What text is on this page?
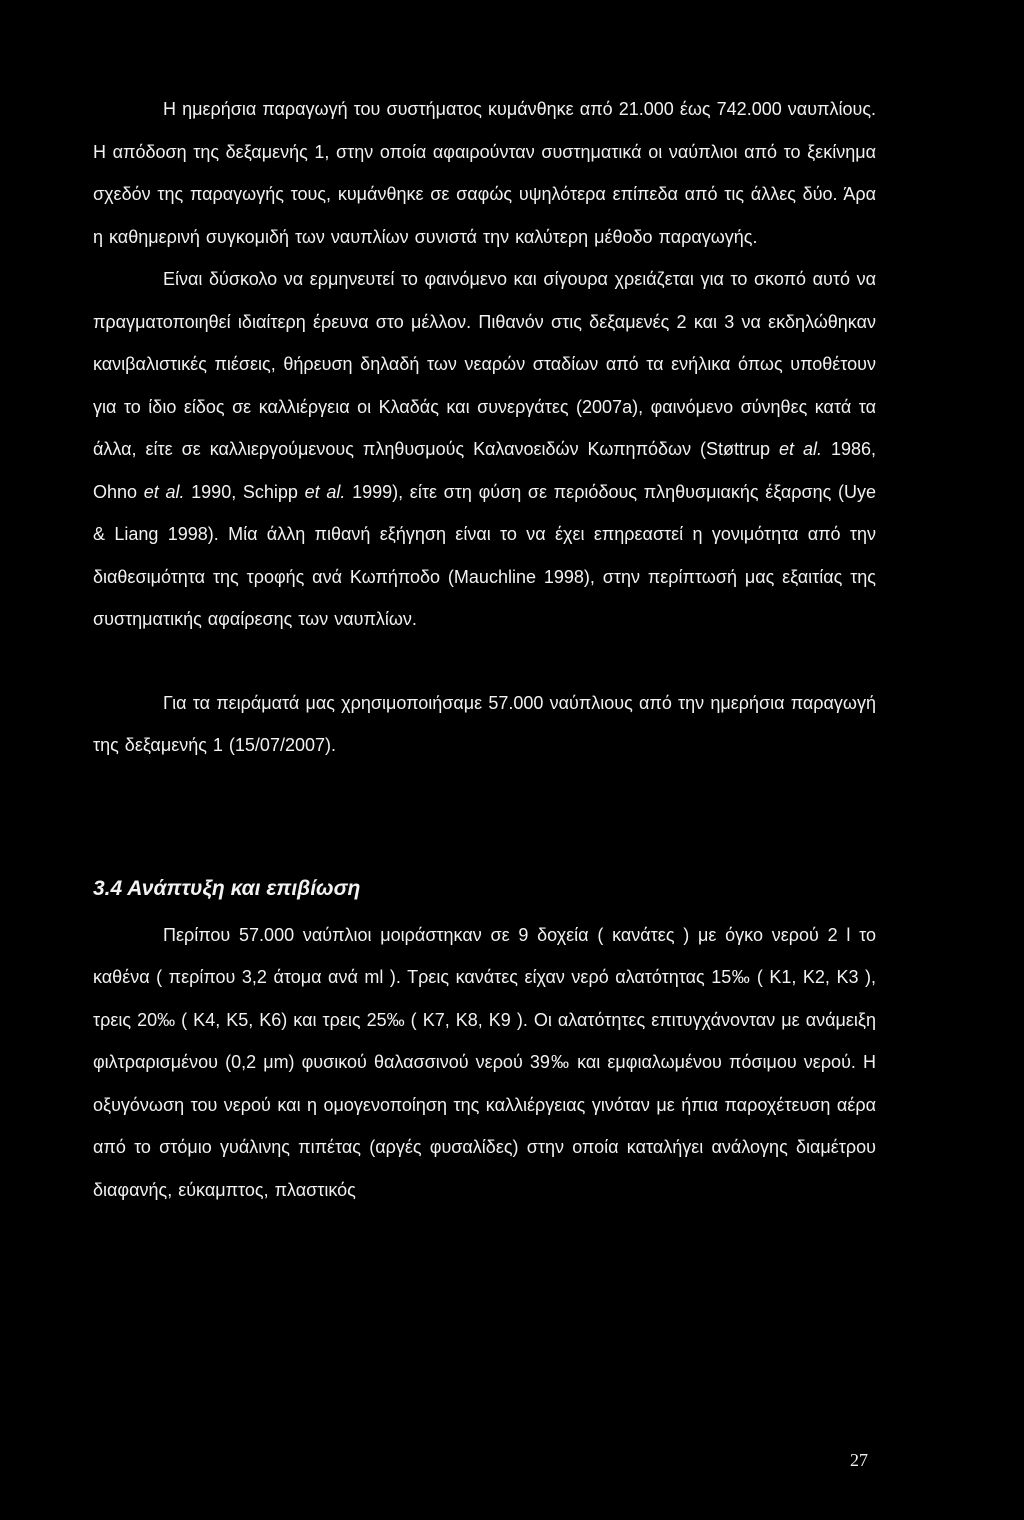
Η ημερήσια παραγωγή του συστήματος κυμάνθηκε από 21.000 έως 742.000 ναυπλίους. Η απόδοση της δεξαμενής 1, στην οποία αφαιρούνταν συστηματικά οι ναύπλιοι από το ξεκίνημα σχεδόν της παραγωγής τους, κυμάνθηκε σε σαφώς υψηλότερα επίπεδα από τις άλλες δύο. Άρα η καθημερινή συγκομιδή των ναυπλίων συνιστά την καλύτερη μέθοδο παραγωγής.

Είναι δύσκολο να ερμηνευτεί το φαινόμενο και σίγουρα χρειάζεται για το σκοπό αυτό να πραγματοποιηθεί ιδιαίτερη έρευνα στο μέλλον. Πιθανόν στις δεξαμενές 2 και 3 να εκδηλώθηκαν κανιβαλιστικές πιέσεις, θήρευση δηλαδή των νεαρών σταδίων από τα ενήλικα όπως υποθέτουν για το ίδιο είδος σε καλλιέργεια οι Κλαδάς και συνεργάτες (2007a), φαινόμενο σύνηθες κατά τα άλλα, είτε σε καλλιεργούμενους πληθυσμούς Καλανοειδών Κωπηπόδων (Støttrup et al. 1986, Ohno et al. 1990, Schipp et al. 1999), είτε στη φύση σε περιόδους πληθυσμιακής έξαρσης (Uye & Liang 1998). Μία άλλη πιθανή εξήγηση είναι το να έχει επηρεαστεί η γονιμότητα από την διαθεσιμότητα της τροφής ανά Κωπήποδο (Mauchline 1998), στην περίπτωσή μας εξαιτίας της συστηματικής αφαίρεσης των ναυπλίων.

Για τα πειράματά μας χρησιμοποιήσαμε 57.000 ναύπλιους από την ημερήσια παραγωγή της δεξαμενής 1 (15/07/2007).

3.4 Ανάπτυξη και επιβίωση

Περίπου 57.000 ναύπλιοι μοιράστηκαν σε 9 δοχεία ( κανάτες ) με όγκο νερού 2 l το καθένα ( περίπου 3,2 άτομα ανά ml ). Τρεις κανάτες είχαν νερό αλατότητας 15‰ ( K1, K2, K3 ), τρεις 20‰ ( K4, K5, K6) και τρεις 25‰ ( K7, K8, K9 ). Οι αλατότητες επιτυγχάνονταν με ανάμειξη φιλτραρισμένου (0,2 μm) φυσικού θαλασσινού νερού 39‰ και εμφιαλωμένου πόσιμου νερού. Η οξυγόνωση του νερού και η ομογενοποίηση της καλλιέργειας γινόταν με ήπια παροχέτευση αέρα από το στόμιο γυάλινης πιπέτας (αργές φυσαλίδες) στην οποία καταλήγει ανάλογης διαμέτρου διαφανής, εύκαμπτος, πλαστικός

27
